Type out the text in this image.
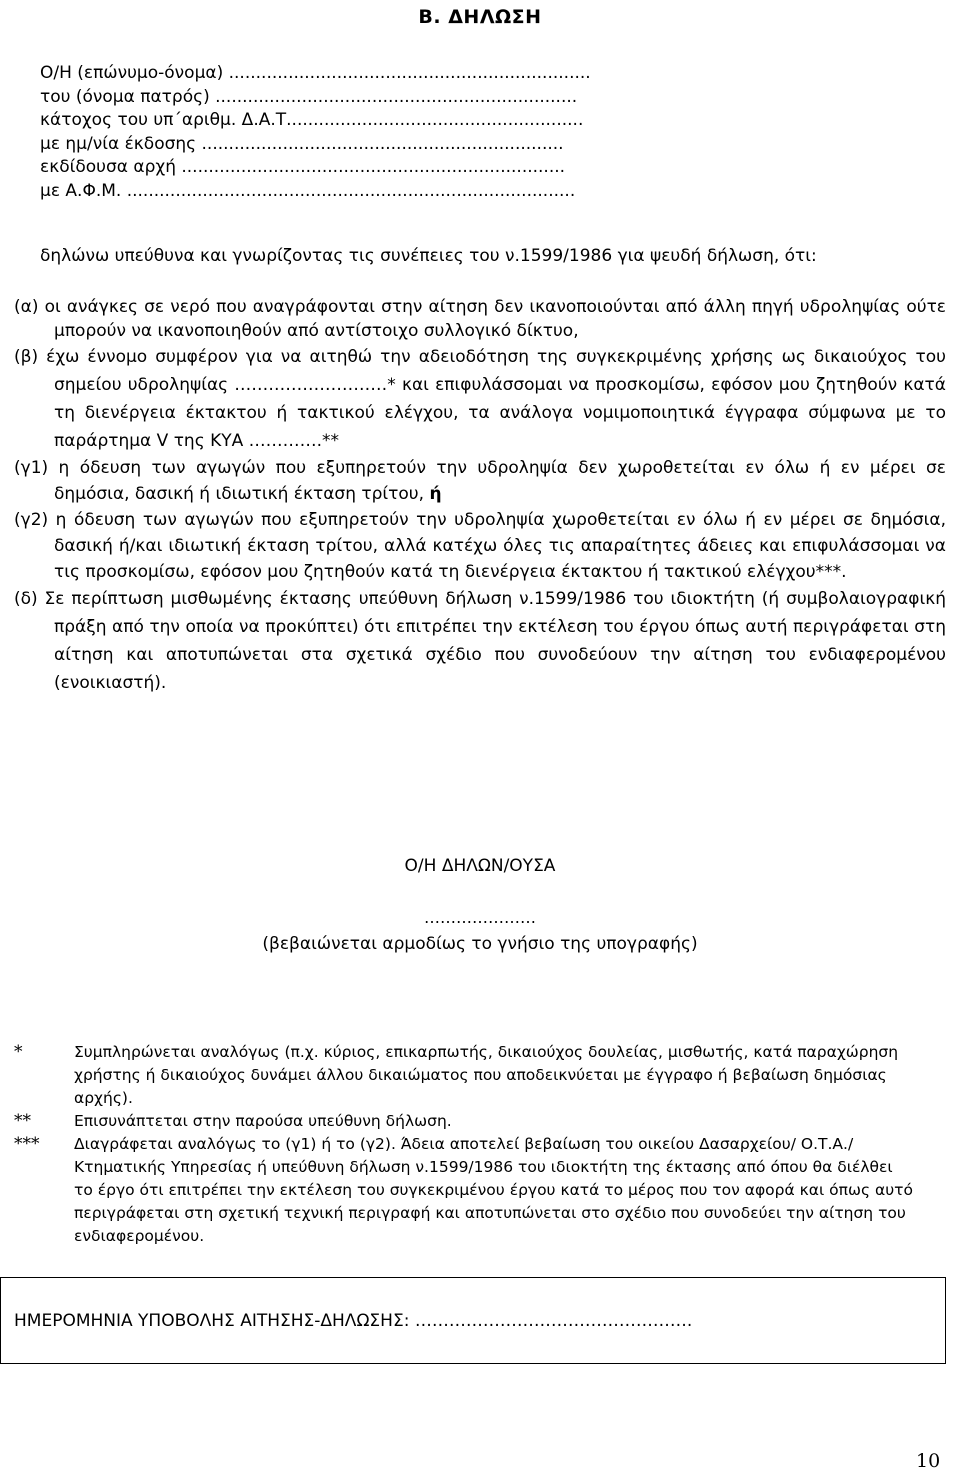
Β. ΔΗΛΩΣΗ
Ο/Η (επώνυμο-όνομα) ...................................................................
του (όνομα πατρός) ...................................................................
κάτοχος του υπ΄αριθμ. Δ.Α.Τ.......................................................
με ημ/νία έκδοσης ...................................................................
εκδίδουσα αρχή .......................................................................
με Α.Φ.Μ. ...................................................................................
δηλώνω υπεύθυνα και γνωρίζοντας τις συνέπειες του ν.1599/1986 για ψευδή δήλωση, ότι:
(α) οι ανάγκες σε νερό που αναγράφονται στην αίτηση δεν ικανοποιούνται από άλλη πηγή υδροληψίας ούτε μπορούν να ικανοποιηθούν από αντίστοιχο συλλογικό δίκτυο,
(β) έχω έννομο συμφέρον για να αιτηθώ την αδειοδότηση της συγκεκριμένης χρήσης ως δικαιούχος του σημείου υδροληψίας ………………………* και επιφυλάσσομαι να προσκομίσω, εφόσον μου ζητηθούν κατά τη διενέργεια έκτακτου ή τακτικού ελέγχου, τα ανάλογα νομιμοποιητικά έγγραφα σύμφωνα με το παράρτημα V της ΚΥΑ ………….**
(γ1) η όδευση των αγωγών που εξυπηρετούν την υδροληψία δεν χωροθετείται εν όλω ή εν μέρει σε δημόσια, δασική ή ιδιωτική έκταση τρίτου, ή
(γ2) η όδευση των αγωγών που εξυπηρετούν την υδροληψία χωροθετείται εν όλω ή εν μέρει σε δημόσια, δασική ή/και ιδιωτική έκταση τρίτου, αλλά κατέχω όλες τις απαραίτητες άδειες και επιφυλάσσομαι να τις προσκομίσω, εφόσον μου ζητηθούν κατά τη διενέργεια έκτακτου ή τακτικού ελέγχου***.
(δ) Σε περίπτωση μισθωμένης έκτασης υπεύθυνη δήλωση ν.1599/1986 του ιδιοκτήτη (ή συμβολαιογραφική πράξη από την οποία να προκύπτει) ότι επιτρέπει την εκτέλεση του έργου όπως αυτή περιγράφεται στη αίτηση και αποτυπώνεται στα σχετικά σχέδιο που συνοδεύουν την αίτηση του ενδιαφερομένου (ενοικιαστή).
Ο/Η ΔΗΛΩΝ/ΟΥΣΑ
…………………
(βεβαιώνεται αρμοδίως το γνήσιο της υπογραφής)
*	Συμπληρώνεται αναλόγως (π.χ. κύριος, επικαρπωτής, δικαιούχος δουλείας, μισθωτής, κατά παραχώρηση χρήστης ή δικαιούχος δυνάμει άλλου δικαιώματος που αποδεικνύεται με έγγραφο ή βεβαίωση δημόσιας αρχής).
**	Επισυνάπτεται στην παρούσα υπεύθυνη δήλωση.
***	Διαγράφεται αναλόγως το (γ1) ή το (γ2). Άδεια αποτελεί βεβαίωση του οικείου Δασαρχείου/ Ο.Τ.Α./ Κτηματικής Υπηρεσίας ή υπεύθυνη δήλωση ν.1599/1986 του ιδιοκτήτη της έκτασης από όπου θα διέλθει το έργο ότι επιτρέπει την εκτέλεση του συγκεκριμένου έργου κατά το μέρος που τον αφορά και όπως αυτό περιγράφεται στη σχετική τεχνική περιγραφή και αποτυπώνεται στο σχέδιο που συνοδεύει την αίτηση του ενδιαφερομένου.
ΗΜΕΡΟΜΗΝΙΑ ΥΠΟΒΟΛΗΣ ΑΙΤΗΣΗΣ-ΔΗΛΩΣΗΣ: ………………………………………….
10
